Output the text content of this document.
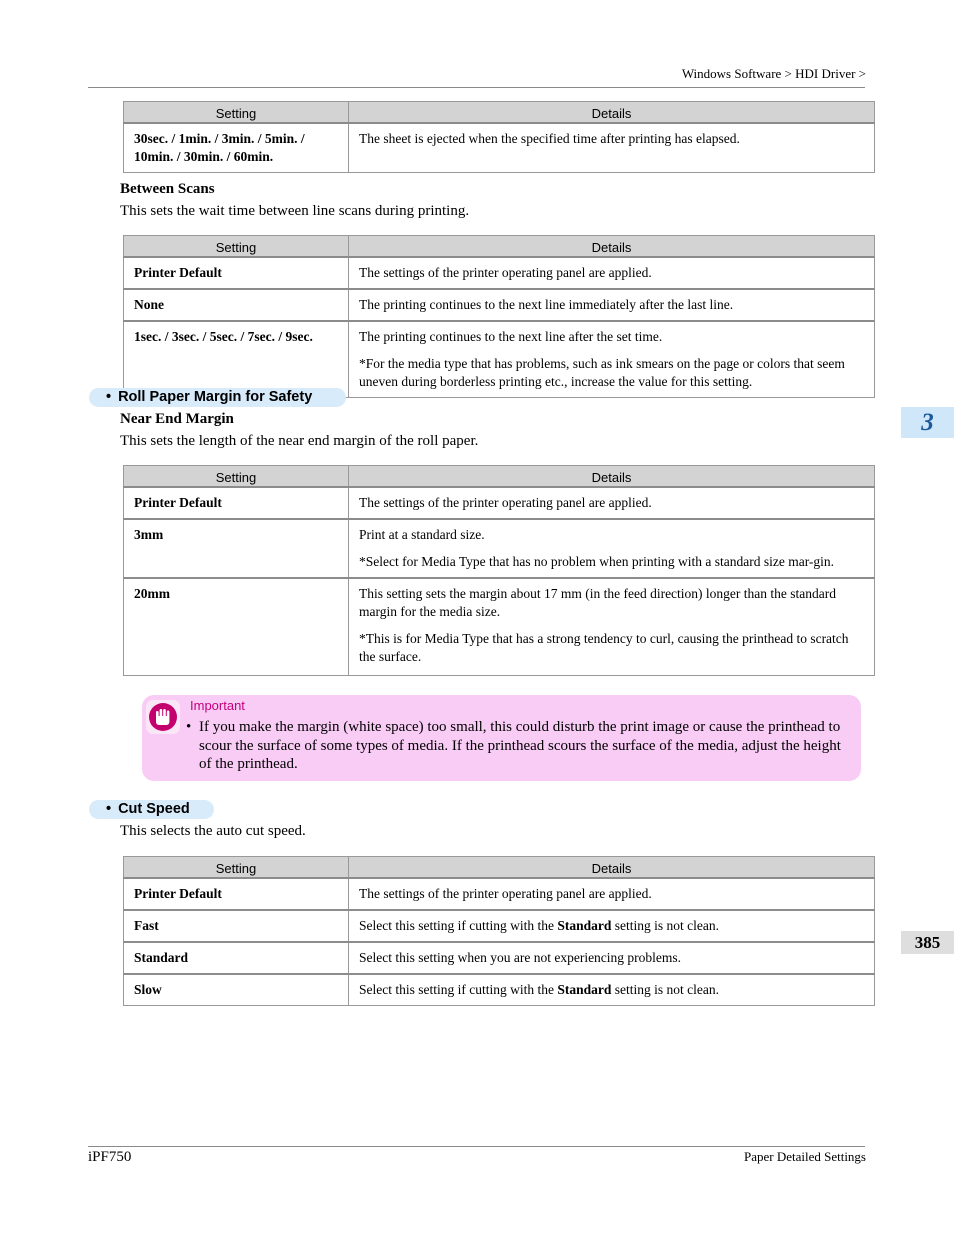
Windows Software > HDI Driver >
Setting	Details
30sec. / 1min. / 3min. / 5min. / 10min. / 30min. / 60min.	The sheet is ejected when the specified time after printing has elapsed.

Between Scans
This sets the wait time between line scans during printing.
Setting	Details
Printer Default	The settings of the printer operating panel are applied.

None	The printing continues to the next line immediately after the last line.

1sec. / 3sec. / 5sec. / 7sec. / 9sec.	The printing continues to the next line after the set time.

*For the media type that has problems, such as ink smears on the page or colors that seem uneven during borderless printing etc., increase the value for this setting.

• Roll Paper Margin for Safety
Near End Margin
This sets the length of the near end margin of the roll paper.
Setting	Details
Printer Default	The settings of the printer operating panel are applied.

3mm	Print at a standard size.

*Select for Media Type that has no problem when printing with a standard size mar-gin.

20mm	This setting sets the margin about 17 mm (in the feed direction) longer than the standard margin for the media size.

*This is for Media Type that has a strong tendency to curl, causing the printhead to scratch the surface.

Important
• If you make the margin (white space) too small, this could disturb the print image or cause the printhead to scour the surface of some types of media. If the printhead scours the surface of the media, adjust the height of the printhead.
• Cut Speed
This selects the auto cut speed.
Setting	Details
Printer Default	The settings of the printer operating panel are applied.

Fast	Select this setting if cutting with the Standard setting is not clean.

Standard	Select this setting when you are not experiencing problems.

Slow	Select this setting if cutting with the Standard setting is not clean.

3
385
iPF750	Paper Detailed Settings
